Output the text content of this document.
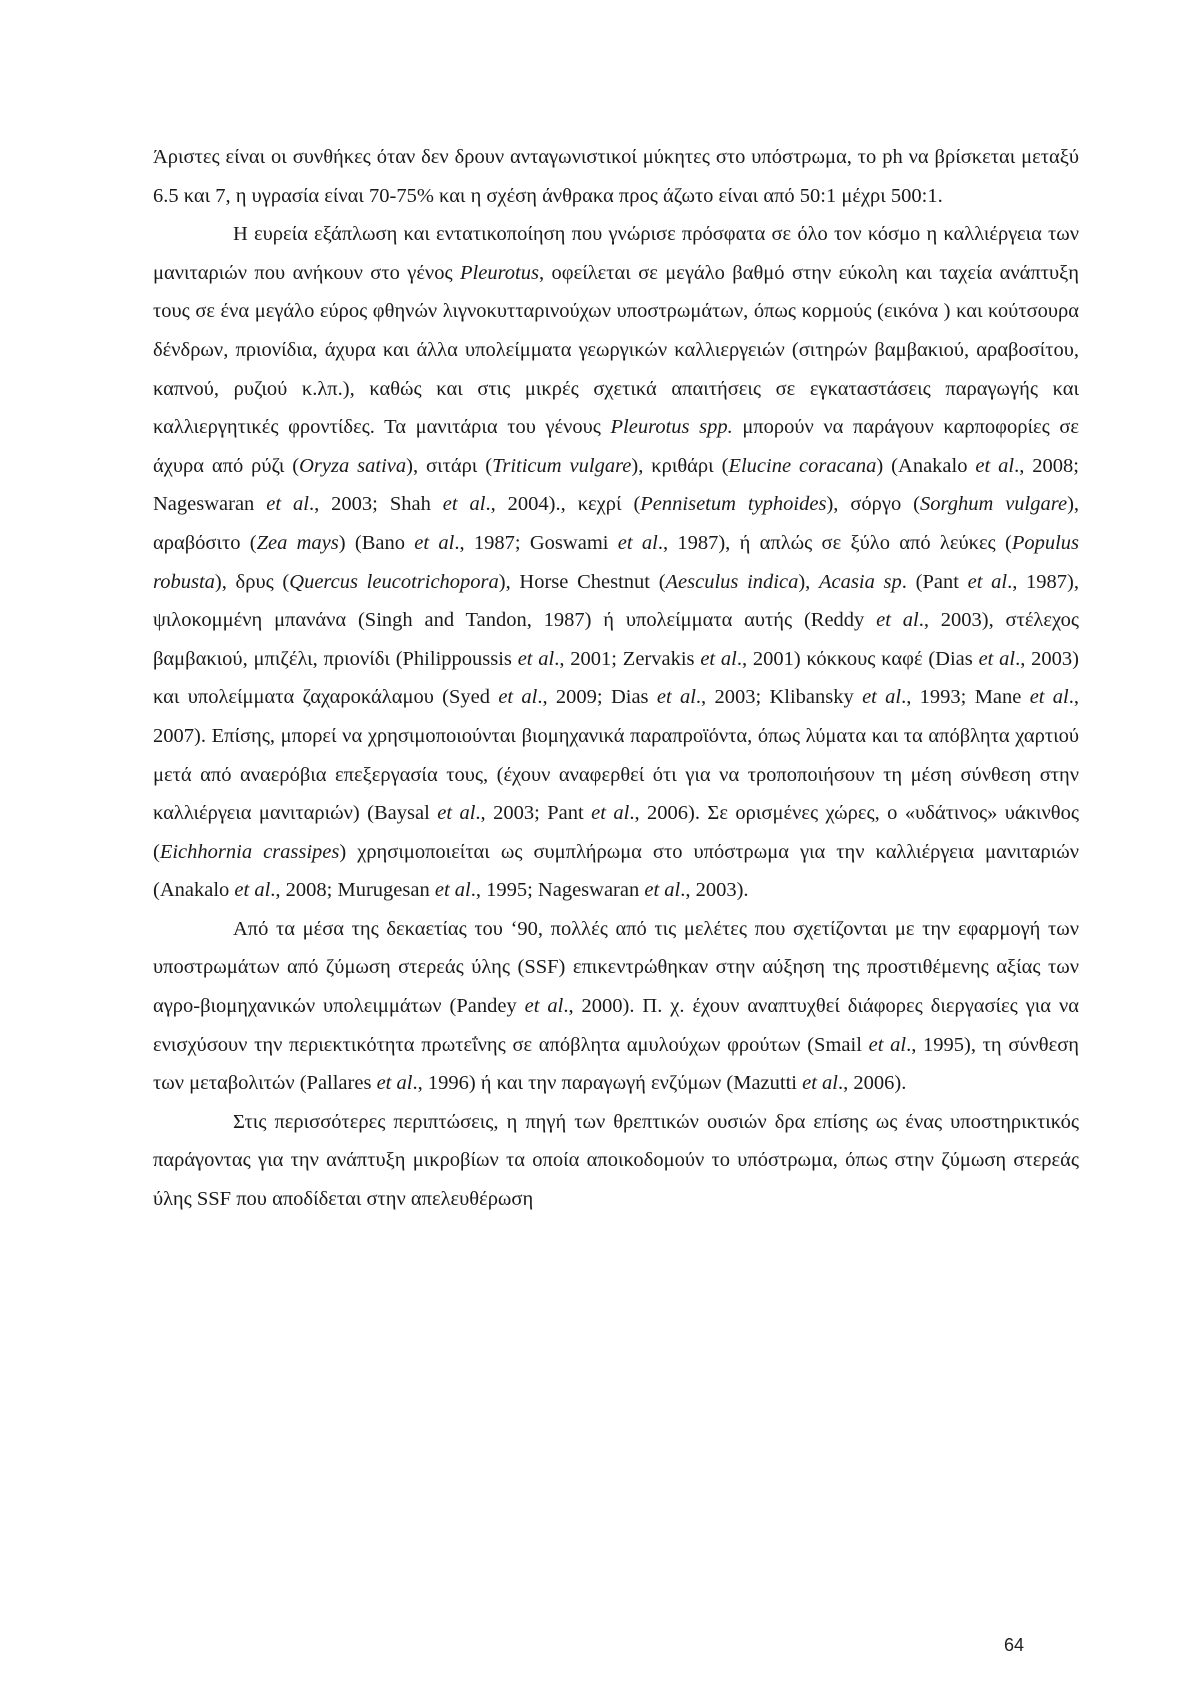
Άριστες είναι οι συνθήκες όταν δεν δρουν ανταγωνιστικοί μύκητες στο υπόστρωμα, το ph να βρίσκεται μεταξύ 6.5 και 7, η υγρασία είναι 70-75% και η σχέση άνθρακα προς άζωτο είναι από 50:1 μέχρι 500:1.

Η ευρεία εξάπλωση και εντατικοποίηση που γνώρισε πρόσφατα σε όλο τον κόσμο η καλλιέργεια των μανιταριών που ανήκουν στο γένος Pleurotus, οφείλεται σε μεγάλο βαθμό στην εύκολη και ταχεία ανάπτυξη τους σε ένα μεγάλο εύρος φθηνών λιγνοκυτταρινούχων υποστρωμάτων, όπως κορμούς (εικόνα ) και κούτσουρα δένδρων, πριονίδια, άχυρα και άλλα υπολείμματα γεωργικών καλλιεργειών (σιτηρών βαμβακιού, αραβοσίτου, καπνού, ρυζιού κ.λπ.), καθώς και στις μικρές σχετικά απαιτήσεις σε εγκαταστάσεις παραγωγής και καλλιεργητικές φροντίδες. Τα μανιτάρια του γένους Pleurotus spp. μπορούν να παράγουν καρποφορίες σε άχυρα από ρύζι (Oryza sativa), σιτάρι (Triticum vulgare), κριθάρι (Elucine coracana) (Anakalo et al., 2008; Nageswaran et al., 2003; Shah et al., 2004)., κεχρί (Pennisetum typhoides), σόργο (Sorghum vulgare), αραβόσιτο (Zea mays) (Bano et al., 1987; Goswami et al., 1987), ή απλώς σε ξύλο από λεύκες (Populus robusta), δρυς (Quercus leucotrichopora), Horse Chestnut (Aesculus indica), Acasia sp. (Pant et al., 1987), ψιλοκομμένη μπανάνα (Singh and Tandon, 1987) ή υπολείμματα αυτής (Reddy et al., 2003), στέλεχος βαμβακιού, μπιζέλι, πριονίδι (Philippoussis et al., 2001; Zervakis et al., 2001) κόκκους καφέ (Dias et al., 2003) και υπολείμματα ζαχαροκάλαμου (Syed et al., 2009; Dias et al., 2003; Klibansky et al., 1993; Mane et al., 2007). Επίσης, μπορεί να χρησιμοποιούνται βιομηχανικά παραπροϊόντα, όπως λύματα και τα απόβλητα χαρτιού μετά από αναερόβια επεξεργασία τους, (έχουν αναφερθεί ότι για να τροποποιήσουν τη μέση σύνθεση στην καλλιέργεια μανιταριών) (Baysal et al., 2003; Pant et al., 2006). Σε ορισμένες χώρες, ο «υδάτινος» υάκινθος (Eichhornia crassipes) χρησιμοποιείται ως συμπλήρωμα στο υπόστρωμα για την καλλιέργεια μανιταριών (Anakalo et al., 2008; Murugesan et al., 1995; Nageswaran et al., 2003).

Από τα μέσα της δεκαετίας του ‘90, πολλές από τις μελέτες που σχετίζονται με την εφαρμογή των υποστρωμάτων από ζύμωση στερεάς ύλης (SSF) επικεντρώθηκαν στην αύξηση της προστιθέμενης αξίας των αγρο-βιομηχανικών υπολειμμάτων (Pandey et al., 2000). Π. χ. έχουν αναπτυχθεί διάφορες διεργασίες για να ενισχύσουν την περιεκτικότητα πρωτεΐνης σε απόβλητα αμυλούχων φρούτων (Smail et al., 1995), τη σύνθεση των μεταβολιτών (Pallares et al., 1996) ή και την παραγωγή ενζύμων (Mazutti et al., 2006).

Στις περισσότερες περιπτώσεις, η πηγή των θρεπτικών ουσιών δρα επίσης ως ένας υποστηρικτικός παράγοντας για την ανάπτυξη μικροβίων τα οποία αποικοδομούν το υπόστρωμα, όπως στην ζύμωση στερεάς ύλης SSF που αποδίδεται στην απελευθέρωση

64
